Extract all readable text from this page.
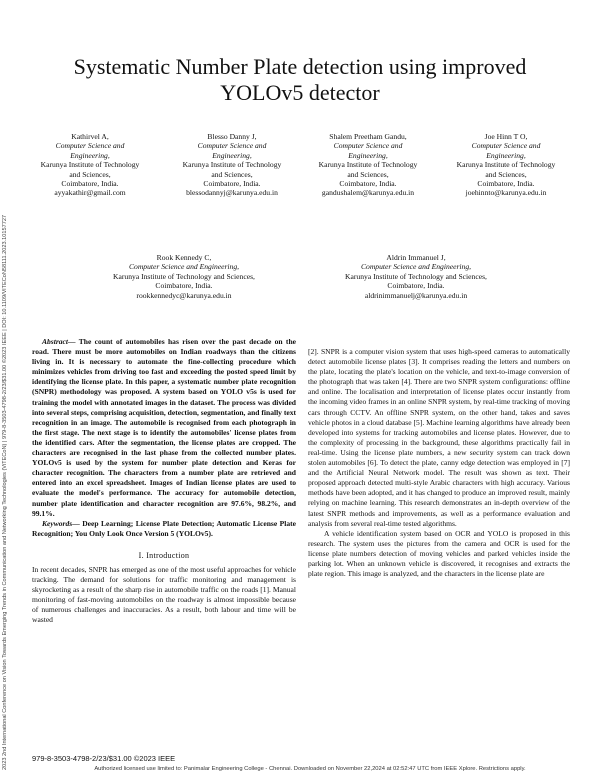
2023 2nd International Conference on Vision Towards Emerging Trends in Communication and Networking Technologies (ViTECoN) | 979-8-3503-4798-2/23/$31.00 ©2023 IEEE | DOI: 10.1109/ViTECoN58111.2023.10157727
Systematic Number Plate detection using improved
YOLOv5 detector
Kathirvel A,
Computer Science and
Engineering,
Karunya Institute of Technology
and Sciences,
Coimbatore, India.
ayyakathir@gmail.com
Blesso Danny J,
Computer Science and
Engineering,
Karunya Institute of Technology
and Sciences,
Coimbatore, India.
blessodannyj@karunya.edu.in
Shalem Preetham Gandu,
Computer Science and
Engineering,
Karunya Institute of Technology
and Sciences,
Coimbatore, India.
gandushalem@karunya.edu.in
Joe Hinn T O,
Computer Science and
Engineering,
Karunya Institute of Technology
and Sciences,
Coimbatore, India.
joehinnto@karunya.edu.in
Rook Kennedy C,
Computer Science and Engineering,
Karunya Institute of Technology and Sciences,
Coimbatore, India.
rookkennedyc@karunya.edu.in
Aldrin Immanuel J,
Computer Science and Engineering,
Karunya Institute of Technology and Sciences,
Coimbatore, India.
aldrinimmanuelj@karunya.edu.in

Abstract— The count of automobiles has risen over the past decade on the road. There must be more automobiles on Indian roadways than the citizens living in. It is necessary to automate the fine-collecting procedure which minimizes vehicles from driving too fast and exceeding the posted speed limit by identifying the license plate. In this paper, a systematic number plate recognition (SNPR) methodology was proposed. A system based on YOLO v5s is used for training the model with annotated images in the dataset. The process was divided into several steps, comprising acquisition, detection, segmentation, and finally text recognition in an image. The automobile is recognised from each photograph in the first stage. The next stage is to identify the automobiles' license plates from the identified cars. After the segmentation, the license plates are cropped. The characters are recognised in the last phase from the collected number plates. YOLOv5 is used by the system for number plate detection and Keras for character recognition. The characters from a number plate are retrieved and entered into an excel spreadsheet. Images of Indian license plates are used to evaluate the model's performance. The accuracy for automobile detection, number plate identification and character recognition are 97.6%, 98.2%, and 99.1%.

Keywords— Deep Learning; License Plate Detection; Automatic License Plate Recognition; You Only Look Once Version 5 (YOLOv5).

I. Introduction

In recent decades, SNPR has emerged as one of the most useful approaches for vehicle tracking. The demand for solutions for traffic monitoring and management is skyrocketing as a result of the sharp rise in automobile traffic on the roads [1]. Manual monitoring of fast-moving automobiles on the roadway is almost impossible because of numerous challenges and inaccuracies. As a result, both labour and time will be wasted

[2]. SNPR is a computer vision system that uses high-speed cameras to automatically detect automobile license plates [3]. It comprises reading the letters and numbers on the plate, locating the plate's location on the vehicle, and text-to-image conversion of the photograph that was taken [4]. There are two SNPR system configurations: offline and online. The localisation and interpretation of license plates occur instantly from the incoming video frames in an online SNPR system, by real-time tracking of moving cars through CCTV. An offline SNPR system, on the other hand, takes and saves vehicle photos in a cloud database [5]. Machine learning algorithms have already been developed into systems for tracking automobiles and license plates. However, due to the complexity of processing in the background, these algorithms practically fail in real-time. Using the license plate numbers, a new security system can track down stolen automobiles [6]. To detect the plate, canny edge detection was employed in [7] and the Artificial Neural Network model. The result was shown as text. Their proposed approach detected multi-style Arabic characters with high accuracy. Various methods have been adopted, and it has changed to produce an improved result, mainly relying on machine learning. This research demonstrates an in-depth overview of the latest SNPR methods and improvements, as well as a performance evaluation and analysis from several real-time tested algorithms.

A vehicle identification system based on OCR and YOLO is proposed in this research. The system uses the pictures from the camera and OCR is used for the license plate numbers detection of moving vehicles and parked vehicles inside the parking lot. When an unknown vehicle is discovered, it recognises and extracts the plate region. This image is analyzed, and the characters in the license plate are

979-8-3503-4798-2/23/$31.00 ©2023 IEEE
Authorized licensed use limited to: Panimalar Engineering College - Chennai. Downloaded on November 22,2024 at 02:52:47 UTC from IEEE Xplore. Restrictions apply.
